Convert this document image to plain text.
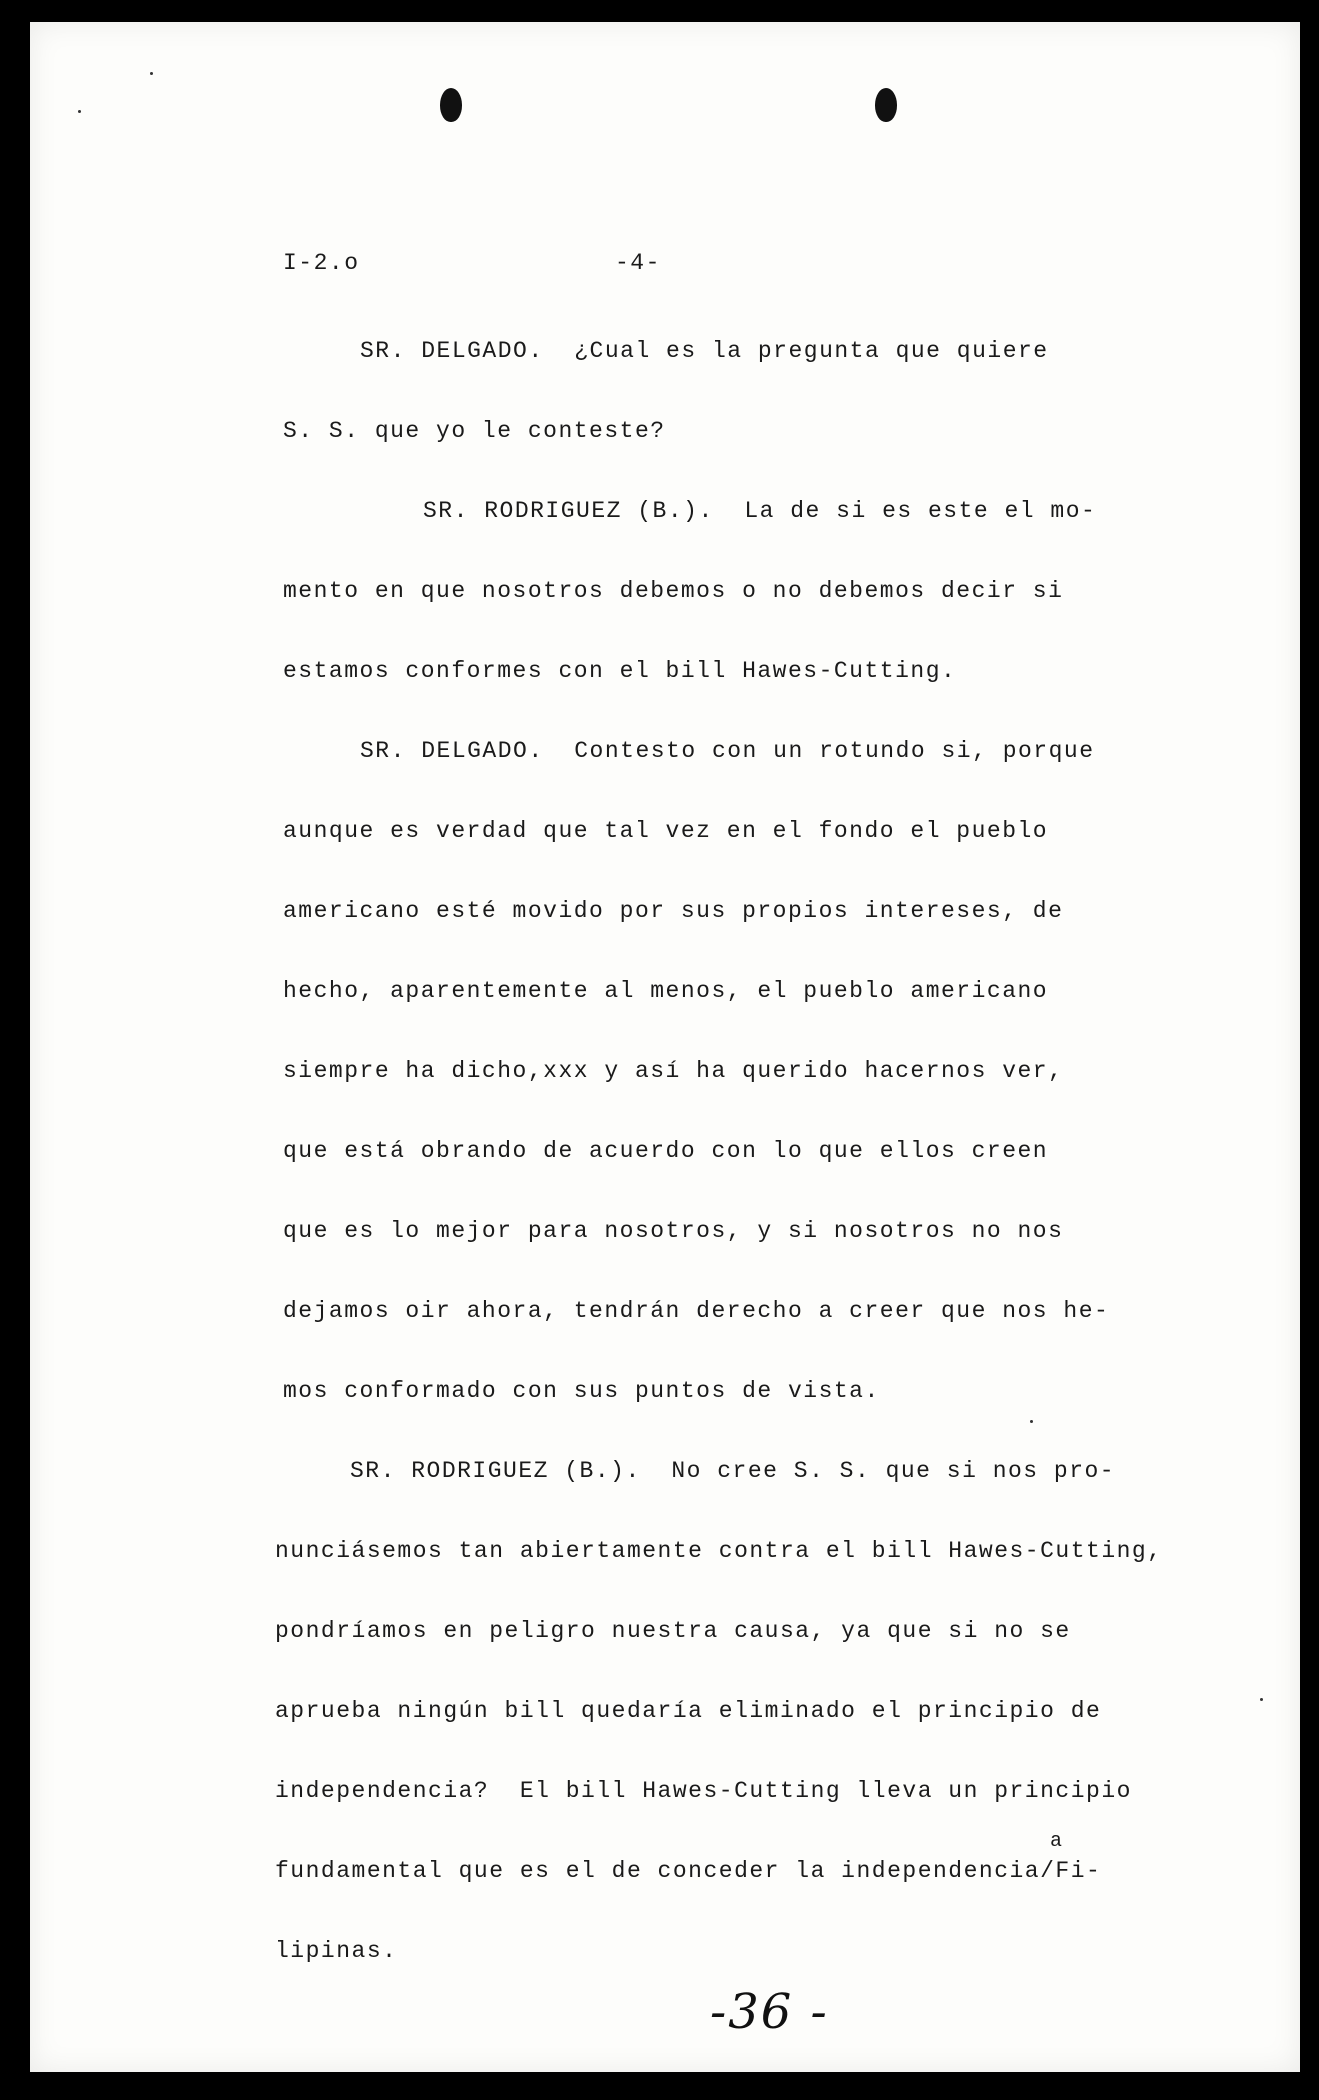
I-2.o	-4-
SR. DELGADO.  ¿Cual es la pregunta que quiere
S. S. que yo le conteste?
SR. RODRIGUEZ (B.).  La de si es este el mo-
mento en que nosotros debemos o no debemos decir si
estamos conformes con el bill Hawes-Cutting.
SR. DELGADO.  Contesto con un rotundo si, porque
aunque es verdad que tal vez en el fondo el pueblo
americano esté movido por sus propios intereses, de
hecho, aparentemente al menos, el pueblo americano
siempre ha dicho,xxx y así ha querido hacernos ver,
que está obrando de acuerdo con lo que ellos creen
que es lo mejor para nosotros, y si nosotros no nos
dejamos oir ahora, tendrán derecho a creer que nos he-
mos conformado con sus puntos de vista.
SR. RODRIGUEZ (B.).  No cree S. S. que si nos pro-
nunciásemos tan abiertamente contra el bill Hawes-Cutting,
pondríamos en peligro nuestra causa, ya que si no se
aprueba ningún bill quedaría eliminado el principio de
independencia?  El bill Hawes-Cutting lleva un principio
a
fundamental que es el de conceder la independencia/Fi-
lipinas.
-36 -
